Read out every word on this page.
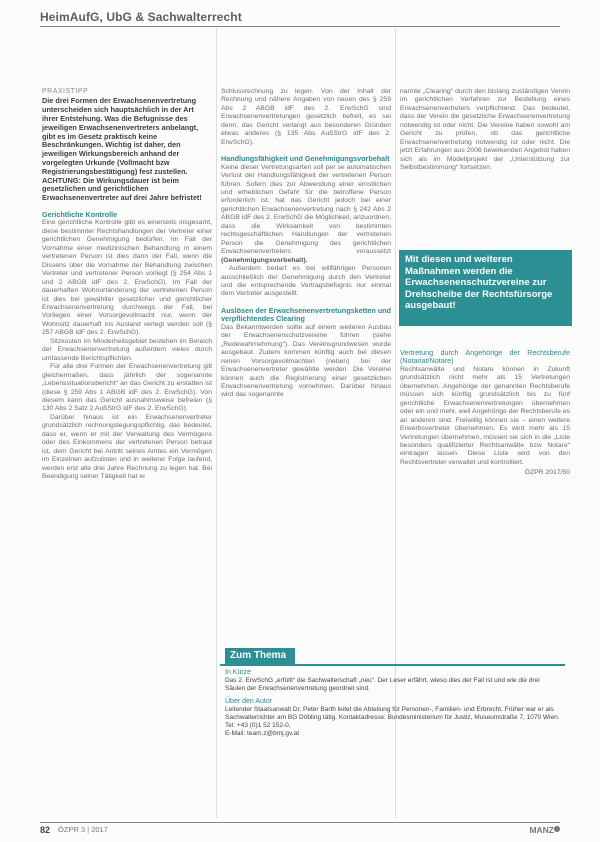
HeimAufG, UbG & Sachwalterrecht
PRAXISTIPP

Die drei Formen der Erwachsenenvertretung unterscheiden sich hauptsächlich in der Art ihrer Entstehung. Was die Befugnisse des jeweiligen Erwachsenenvertreters anbelangt, gibt es im Gesetz praktisch keine Beschränkungen. Wichtig ist daher, den jeweiligen Wirkungsbereich anhand der vorgelegten Urkunde (Vollmacht bzw Registrierungsbestätigung) fest zustellen.

ACHTUNG: Die Wirkungsdauer ist beim gesetzlichen und gerichtlichen Erwachsenenvertreter auf drei Jahre befristet!

Gerichtliche Kontrolle

Eine gerichtliche Kontrolle gibt es einerseits insgesamt, diese bestimmter Rechtshandlungen der Vertreter einer gerichtlichen Genehmigung bedürfen. Im Fall der Vornahme einer medizinischen Behandlung in einem vertretenen Person ist dies dann der Fall, wenn die Dissens über die Vornahme der Behandlung zwischen Vertreter und vertretener Person vorliegt (§ 254 Abs 1 und 2 ABGB idF des 2. ErwSchG). Im Fall der dauerhaften Wohnortänderung der vertretenen Person ist dies bei gewählter gesetzlicher und gerichtlicher Erwachsenenvertretung durchwegs der Fall, bei Vorliegen einer Vorsorgevollmacht nur, wenn der Wohnsitz dauerhaft ins Ausland verlegt werden soll (§ 257 ABGB idF des 2. ErwSchG).

Sitzkosten im Minderheitsgebiet bestehen im Bereich der Erwachsenenvertretung außerdem vieles durch umfassende Berichtspflichten.

Für alle drei Formen der Erwachsenenvertretung gilt gleichermaßen, dass jährlich der sogenannte „Lebenssituationsbericht“ an das Gericht zu erstatten ist (diese § 259 Abs 1 ABGB idF des 2. ErwSchG). Von diesem kann das Gericht ausnahmsweise befreien (§ 130 Abs 2 Satz 2 AußStrG idF des 2. ErwSchG).

Darüber hinaus ist ein Erwachsenenvertreter grundsätzlich rechnungslegungspflichtig, das bedeutet, dass er, wenn er mit der Verwaltung des Vermögens oder des Einkommens der vertretenen Person betraut ist, dem Gericht bei Antritt seines Amtes ein Vermögen im Einzelnen aufzulisten und in weiterer Folge laufend, werden erst alle drei Jahre Rechnung zu legen hat. Bei Beendigung seiner Tätigkeit hat er

Schlussrechnung zu legen. Von der Inhalt der Rechnung und nähere Angaben von neuen des § 259 Abs 2 ABGB idF des 2. ErwSchG sind Erwachsenenvertretungen gesetzlich befreit, es sei denn, das Gericht verlangt aus besonderen Gründen etwas anderes (§ 135 Abs AußStrG idF des 2. ErwSchG).

Handlungsfähigkeit und Genehmigungsvorbehalt

Keine dieser Vertretungsarten soll per se automatischen Verlust der Handlungsfähigkeit der vertretenen Person führen. Sofern dies zur Abwendung einer ernstlichen und erheblichen Gefahr für die betroffene Person erforderlich ist, hat das Gericht jedoch bei einer gerichtlichen Erwachsenenvertretung nach § 242 Abs 2 ABGB idF des 2. ErwSchG die Möglichkeit, anzuordnen, dass die Wirksamkeit von bestimmten rechtsgeschäftlichen Handlungen der vertretenen Person die Genehmigung des gerichtlichen Erwachsenenvertreters voraussetzt (Genehmigungsvorbehalt).

Außerdem bedarf es bei willfährigen Personen ausschließlich der Genehmigung durch den Vertreter und die entsprechende Vertragsbefugnis nur einmal dem Vertreter ausgestellt.

Auslösen der Erwachsenenvertretungsketten und verpflichtendes Clearing

Das Bekanntwerden sollte auf einem weiteren Ausbau der Erwachsenenschutzvereine führen (siehe „Redewahrnehmung“). Das Vereinsgrundwesen wurde ausgebaut. Zudem kommen künftig auch bei diesen reinen Vorsorgevollmachten (neben) bei der Erwachsenenvertreter gewählte werden. Die Vereine können auch die Registrierung einer gesetzlichen Erwachsenenvertretung vornehmen. Darüber hinaus wird das sogenannte

nannte „Clearing“ durch den bislang zuständigen Verein im gerichtlichen Verfahren zur Bestellung eines Erwachsenenvertreters verpflichtend. Das bedeutet, dass der Verein die gesetzliche Erwachsenenvertretung notwendig ist oder nicht. Die Vereine haben sowohl am Gericht zu prüfen, ob das gerichtliche Erwachsenenvertretung notwendig ist oder nicht. Die jetzt Erfahrungen aus 2006 bewirkenden Angebot haben sich als im Modellprojekt der „Unterstützung zur Selbstbestimmung“ fortsetzen.

Mit diesen und weiteren Maßnahmen werden die Erwachsenenschutzvereine zur Drehscheibe der Rechtsfürsorge ausgebaut!

Vertretung durch Angehörige der Rechtsberufe (Notariat/Notare)

Rechtsanwälte und Notare können in Zukunft grundsätzlich nicht mehr als 15 Vertretungen übernehmen. Angehörige der genannten Rechtsberufe müssen sich künftig grundsätzlich bis zu fünf gerichtliche Erwachsenenvertretungen übernehmen oder ein und mehr, weil Angehörige der Rechtsberufe es an anderen sind. Freiwillig können sie – einen weitere Erwerbsvertreter übernehmen. Es wird mehr als 15 Vertretungen übernehmen, müssen sie sich in die „Liste besonders qualifizierter Rechtsanwälte bzw Notare“ eintragen lassen. Diese Liste wird von den Rechtsvertreter verwaltet und kontrolliert.

ÖZPR 2017/50
Zum Thema
In Kürze
Das 2. ErwSchG „erfüllt“ die Sachwalterschaft „neu“. Der Leser erfährt, wieso dies der Fall ist und wie die drei Säulen der Erwachsenenvertretung geordnet sind.
Über den Autor
Leitender Staatsanwalt Dr. Peter Barth leitet die Abteilung für Personen-, Familien- und Erbrecht. Früher war er als Sachwalterrichter am BG Döbling tätig. Kontaktadresse: Bundesministerium für Justiz, Museumstraße 7, 1070 Wien. Tel: +43 (0)1 52 152-0,
E-Mail: team.z@bmj.gv.at
82 ÖZPR 3 | 2017	MANZ
